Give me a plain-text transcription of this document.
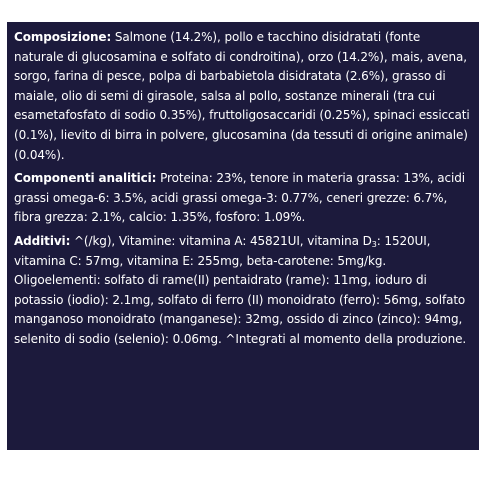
Composizione: Salmone (14.2%), pollo e tacchino disidratati (fonte naturale di glucosamina e solfato di condroitina), orzo (14.2%), mais, avena, sorgo, farina di pesce, polpa di barbabietola disidratata (2.6%), grasso di maiale, olio di semi di girasole, salsa al pollo, sostanze minerali (tra cui esametafosfato di sodio 0.35%), fruttoligosaccaridi (0.25%), spinaci essiccati (0.1%), lievito di birra in polvere, glucosamina (da tessuti di origine animale) (0.04%).

Componenti analitici: Proteina: 23%, tenore in materia grassa: 13%, acidi grassi omega-6: 3.5%, acidi grassi omega-3: 0.77%, ceneri grezze: 6.7%, fibra grezza: 2.1%, calcio: 1.35%, fosforo: 1.09%.

Additivi: ^(/kg), Vitamine: vitamina A: 45821UI, vitamina $D_3$: 1520UI, vitamina C: 57mg, vitamina E: 255mg, beta-carotene: 5mg/kg. Oligoelementi: solfato di rame(II) pentaidrato (rame): 11mg, ioduro di potassio (iodio): 2.1mg, solfato di ferro (II) monoidrato (ferro): 56mg, solfato manganoso monoidrato (manganese): 32mg, ossido di zinco (zinco): 94mg, selenito di sodio (selenio): 0.06mg. ^Integrati al momento della produzione.
